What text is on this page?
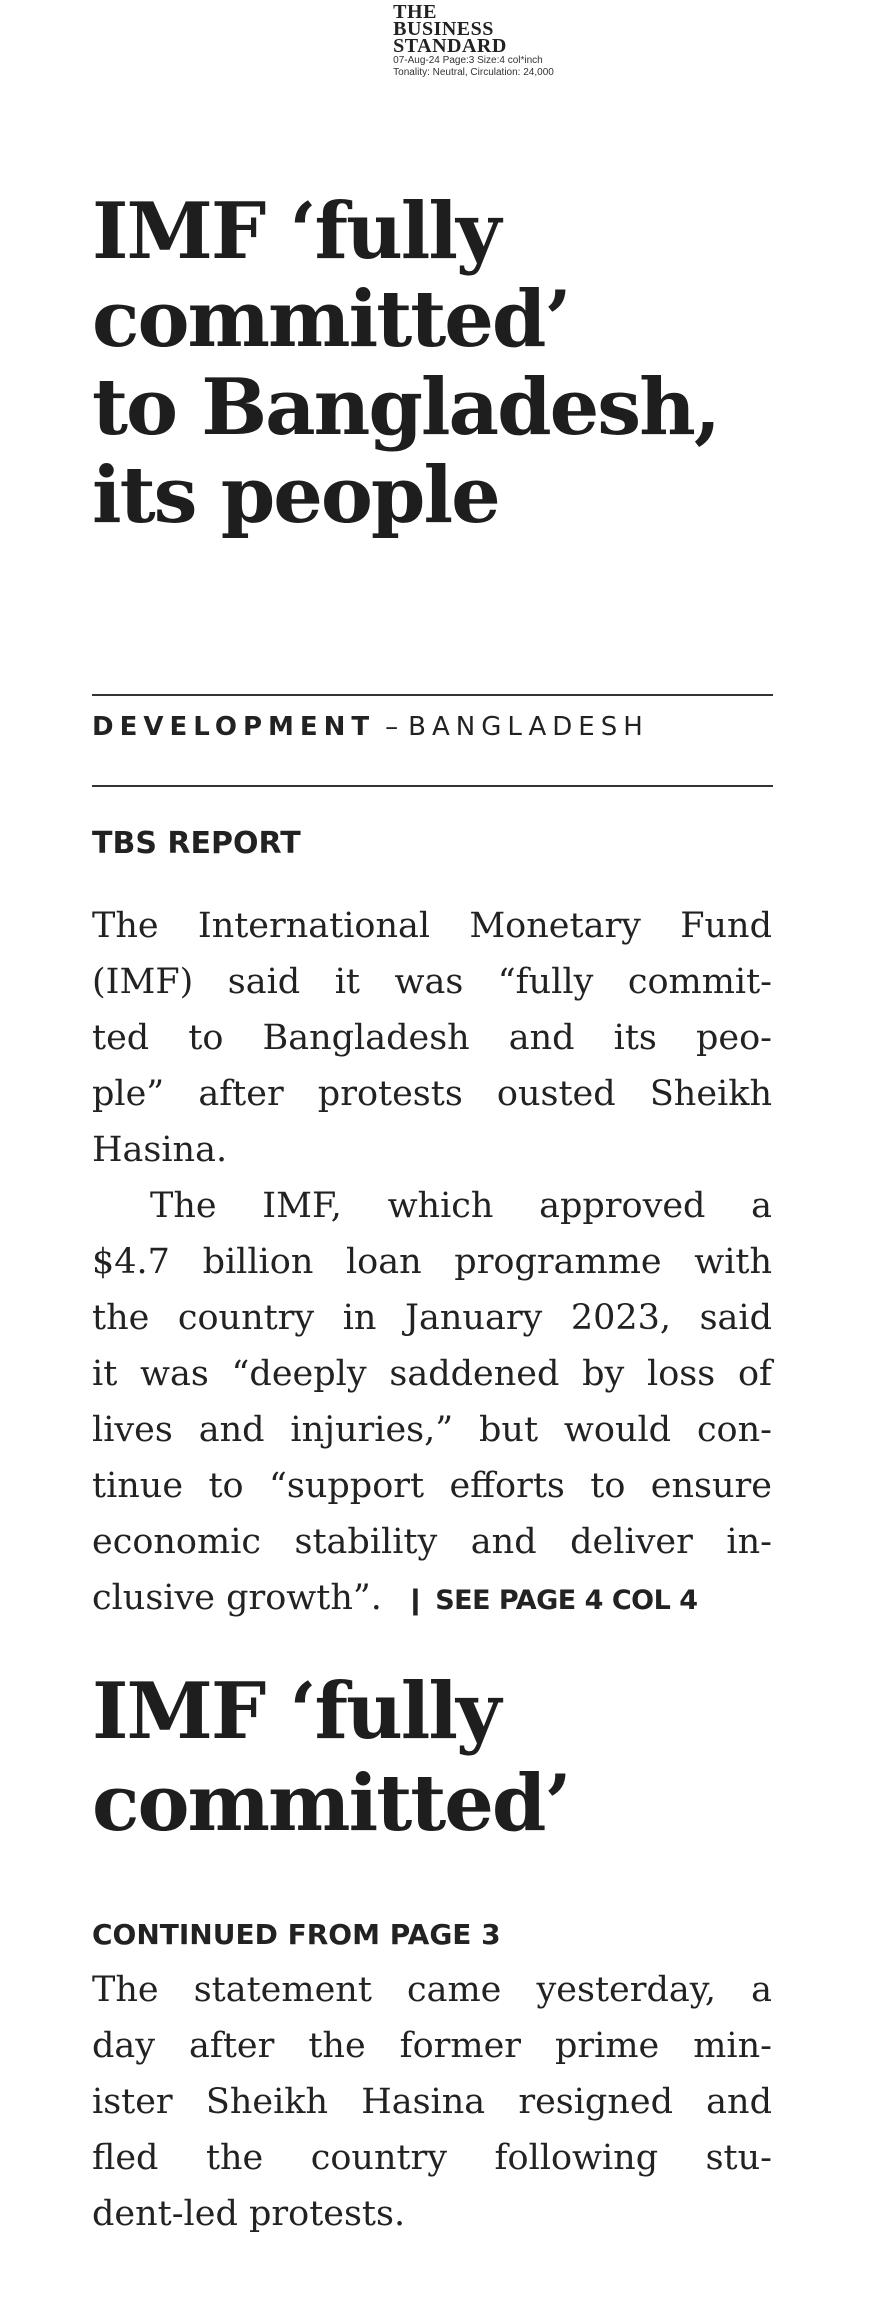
THE
BUSINESS
STANDARD
07-Aug-24 Page:3 Size:4 col*inch
Tonality: Neutral, Circulation: 24,000
IMF ‘fully
committed’
to Bangladesh,
its people
DEVELOPMENT – BANGLADESH
TBS REPORT
The International Monetary Fund
(IMF) said it was “fully commit-
ted to Bangladesh and its peo-
ple” after protests ousted Sheikh
Hasina.
The IMF, which approved a
$4.7 billion loan programme with
the country in January 2023, said
it was “deeply saddened by loss of
lives and injuries,” but would con-
tinue to “support efforts to ensure
economic stability and deliver in-
clusive growth”. ❙ SEE PAGE 4 COL 4
IMF ‘fully
committed’
CONTINUED FROM PAGE 3
The statement came yesterday, a
day after the former prime min-
ister Sheikh Hasina resigned and
fled the country following stu-
dent-led protests.
